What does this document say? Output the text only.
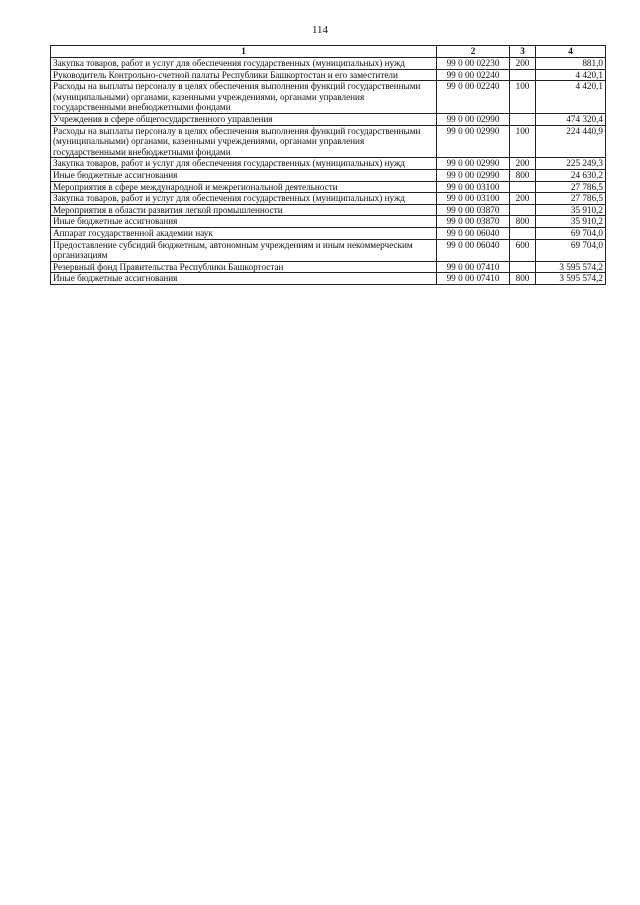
114
1	2	3	4
Закупка товаров, работ и услуг для обеспечения государственных (муниципальных) нужд	99 0 00 02230	200	881,0
Руководитель Контрольно-счетной палаты Республики Башкортостан и его заместители	99 0 00 02240		4 420,1
Расходы на выплаты персоналу в целях обеспечения выполнения функций государственными (муниципальными) органами, казенными учреждениями, органами управления государственными внебюджетными фондами	99 0 00 02240	100	4 420,1
Учреждения в сфере общегосударственного управления	99 0 00 02990		474 320,4
Расходы на выплаты персоналу в целях обеспечения выполнения функций государственными (муниципальными) органами, казенными учреждениями, органами управления государственными внебюджетными фондами	99 0 00 02990	100	224 440,9
Закупка товаров, работ и услуг для обеспечения государственных (муниципальных) нужд	99 0 00 02990	200	225 249,3
Иные бюджетные ассигнования	99 0 00 02990	800	24 630,2
Мероприятия в сфере международной и межрегиональной деятельности	99 0 00 03100		27 786,5
Закупка товаров, работ и услуг для обеспечения государственных (муниципальных) нужд	99 0 00 03100	200	27 786,5
Мероприятия в области развития легкой промышленности	99 0 00 03870		35 910,2
Иные бюджетные ассигнования	99 0 00 03870	800	35 910,2
Аппарат государственной академии наук	99 0 00 06040		69 704,0
Предоставление субсидий бюджетным, автономным учреждениям и иным некоммерческим организациям	99 0 00 06040	600	69 704,0
Резервный фонд Правительства Республики Башкортостан	99 0 00 07410		3 595 574,2
Иные бюджетные ассигнования	99 0 00 07410	800	3 595 574,2
